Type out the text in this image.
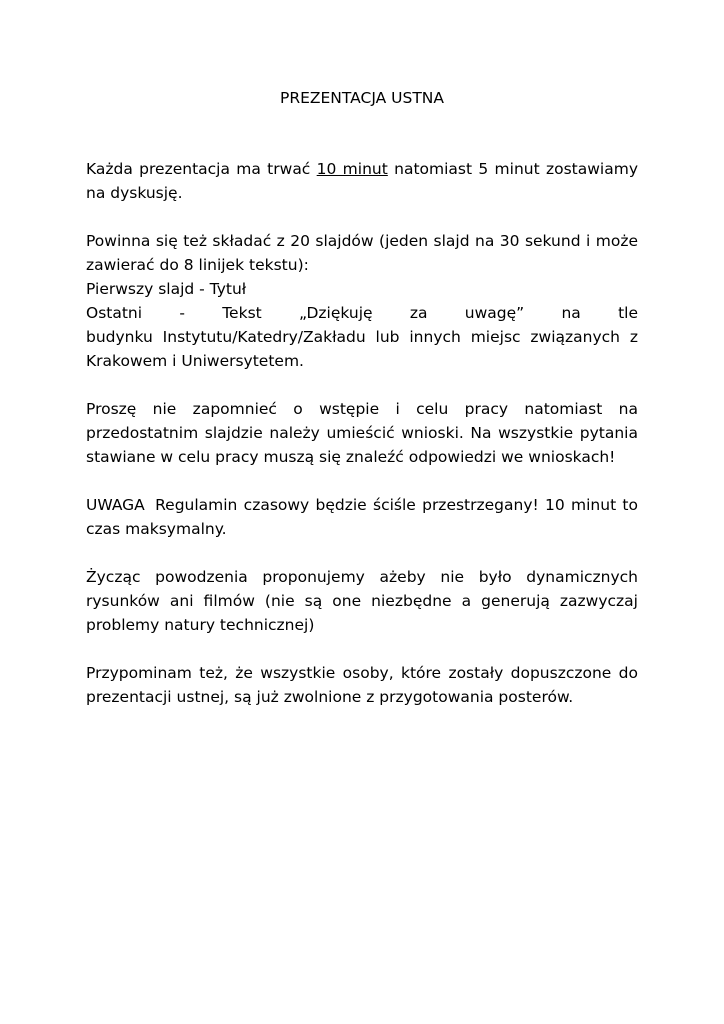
PREZENTACJA USTNA

Każda prezentacja ma trwać 10 minut natomiast 5 minut zostawiamy na dyskusję.

Powinna się też składać z 20 slajdów (jeden slajd na 30 sekund i może zawierać do 8 linijek tekstu):
Pierwszy slajd - Tytuł
Ostatni - Tekst „Dziękuję za uwagę” na tle
budynku Instytutu/Katedry/Zakładu lub innych miejsc związanych z Krakowem i Uniwersytetem.

Proszę nie zapomnieć o wstępie i celu pracy natomiast na przedostatnim slajdzie należy umieścić wnioski. Na wszystkie pytania stawiane w celu pracy muszą się znaleźć odpowiedzi we wnioskach!

UWAGA Regulamin czasowy będzie ściśle przestrzegany! 10 minut to czas maksymalny.

Życząc powodzenia proponujemy ażeby nie było dynamicznych rysunków ani filmów (nie są one niezbędne a generują zazwyczaj problemy natury technicznej)

Przypominam też, że wszystkie osoby, które zostały dopuszczone do prezentacji ustnej, są już zwolnione z przygotowania posterów.
